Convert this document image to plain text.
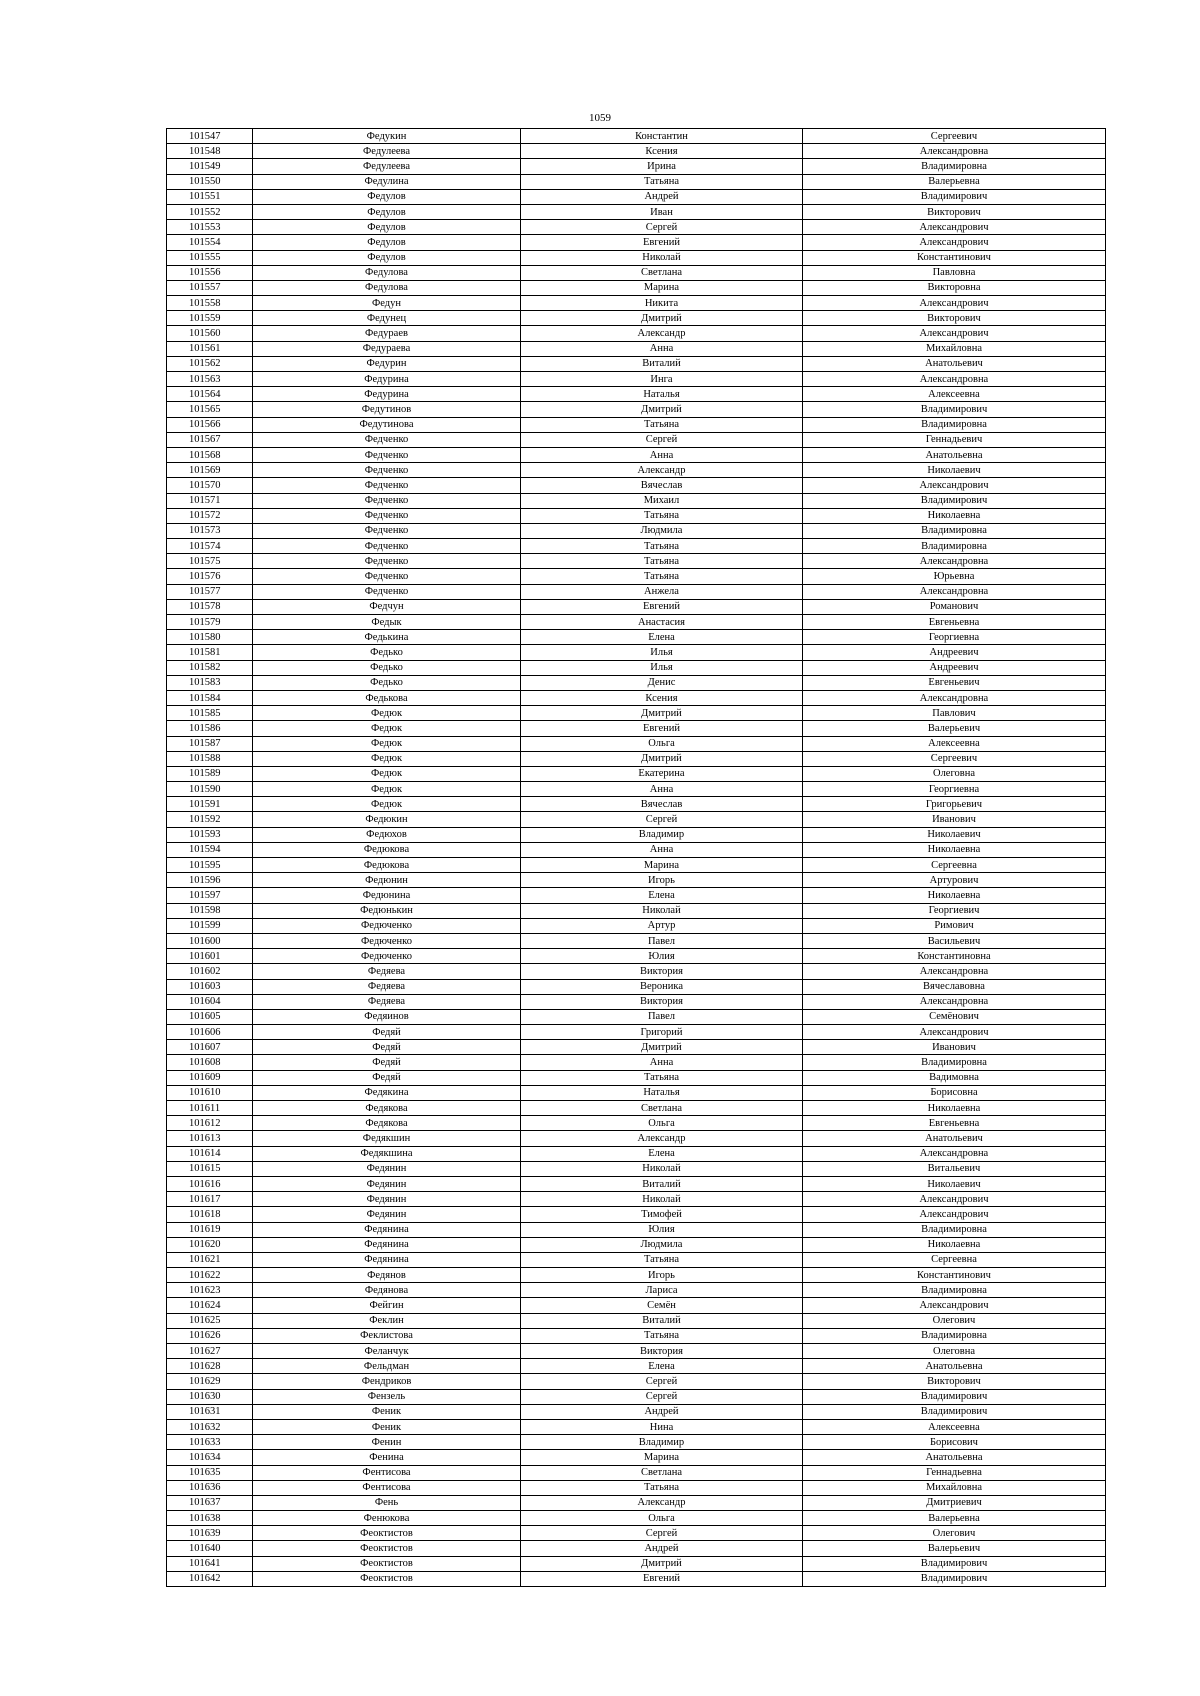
1059
101547	Федукин	Константин	Сергеевич
101548	Федулеева	Ксения	Александровна
101549	Федулеева	Ирина	Владимировна
101550	Федулина	Татьяна	Валерьевна
101551	Федулов	Андрей	Владимирович
101552	Федулов	Иван	Викторович
101553	Федулов	Сергей	Александрович
101554	Федулов	Евгений	Александрович
101555	Федулов	Николай	Константинович
101556	Федулова	Светлана	Павловна
101557	Федулова	Марина	Викторовна
101558	Федун	Никита	Александрович
101559	Федунец	Дмитрий	Викторович
101560	Федураев	Александр	Александрович
101561	Федураева	Анна	Михайловна
101562	Федурин	Виталий	Анатольевич
101563	Федурина	Инга	Александровна
101564	Федурина	Наталья	Алексеевна
101565	Федутинов	Дмитрий	Владимирович
101566	Федутинова	Татьяна	Владимировна
101567	Федченко	Сергей	Геннадьевич
101568	Федченко	Анна	Анатольевна
101569	Федченко	Александр	Николаевич
101570	Федченко	Вячеслав	Александрович
101571	Федченко	Михаил	Владимирович
101572	Федченко	Татьяна	Николаевна
101573	Федченко	Людмила	Владимировна
101574	Федченко	Татьяна	Владимировна
101575	Федченко	Татьяна	Александровна
101576	Федченко	Татьяна	Юрьевна
101577	Федченко	Анжела	Александровна
101578	Федчун	Евгений	Романович
101579	Федык	Анастасия	Евгеньевна
101580	Федькина	Елена	Георгиевна
101581	Федько	Илья	Андреевич
101582	Федько	Илья	Андреевич
101583	Федько	Денис	Евгеньевич
101584	Федькова	Ксения	Александровна
101585	Федюк	Дмитрий	Павлович
101586	Федюк	Евгений	Валерьевич
101587	Федюк	Ольга	Алексеевна
101588	Федюк	Дмитрий	Сергеевич
101589	Федюк	Екатерина	Олеговна
101590	Федюк	Анна	Георгиевна
101591	Федюк	Вячеслав	Григорьевич
101592	Федюкин	Сергей	Иванович
101593	Федюхов	Владимир	Николаевич
101594	Федюкова	Анна	Николаевна
101595	Федюкова	Марина	Сергеевна
101596	Федюнин	Игорь	Артурович
101597	Федюнина	Елена	Николаевна
101598	Федюнькин	Николай	Георгиевич
101599	Федюченко	Артур	Римович
101600	Федюченко	Павел	Васильевич
101601	Федюченко	Юлия	Константиновна
101602	Федяева	Виктория	Александровна
101603	Федяева	Вероника	Вячеславовна
101604	Федяева	Виктория	Александровна
101605	Федяинов	Павел	Семёнович
101606	Федяй	Григорий	Александрович
101607	Федяй	Дмитрий	Иванович
101608	Федяй	Анна	Владимировна
101609	Федяй	Татьяна	Вадимовна
101610	Федякина	Наталья	Борисовна
101611	Федякова	Светлана	Николаевна
101612	Федякова	Ольга	Евгеньевна
101613	Федякшин	Александр	Анатольевич
101614	Федякшина	Елена	Александровна
101615	Федянин	Николай	Витальевич
101616	Федянин	Виталий	Николаевич
101617	Федянин	Николай	Александрович
101618	Федянин	Тимофей	Александрович
101619	Федянина	Юлия	Владимировна
101620	Федянина	Людмила	Николаевна
101621	Федянина	Татьяна	Сергеевна
101622	Федянов	Игорь	Константинович
101623	Федянова	Лариса	Владимировна
101624	Фейгин	Семён	Александрович
101625	Феклин	Виталий	Олегович
101626	Феклистова	Татьяна	Владимировна
101627	Феланчук	Виктория	Олеговна
101628	Фельдман	Елена	Анатольевна
101629	Фендриков	Сергей	Викторович
101630	Фензель	Сергей	Владимирович
101631	Феник	Андрей	Владимирович
101632	Феник	Нина	Алексеевна
101633	Фенин	Владимир	Борисович
101634	Фенина	Марина	Анатольевна
101635	Фентисова	Светлана	Геннадьевна
101636	Фентисова	Татьяна	Михайловна
101637	Фень	Александр	Дмитриевич
101638	Фенюкова	Ольга	Валерьевна
101639	Феоктистов	Сергей	Олегович
101640	Феоктистов	Андрей	Валерьевич
101641	Феоктистов	Дмитрий	Владимирович
101642	Феоктистов	Евгений	Владимирович
